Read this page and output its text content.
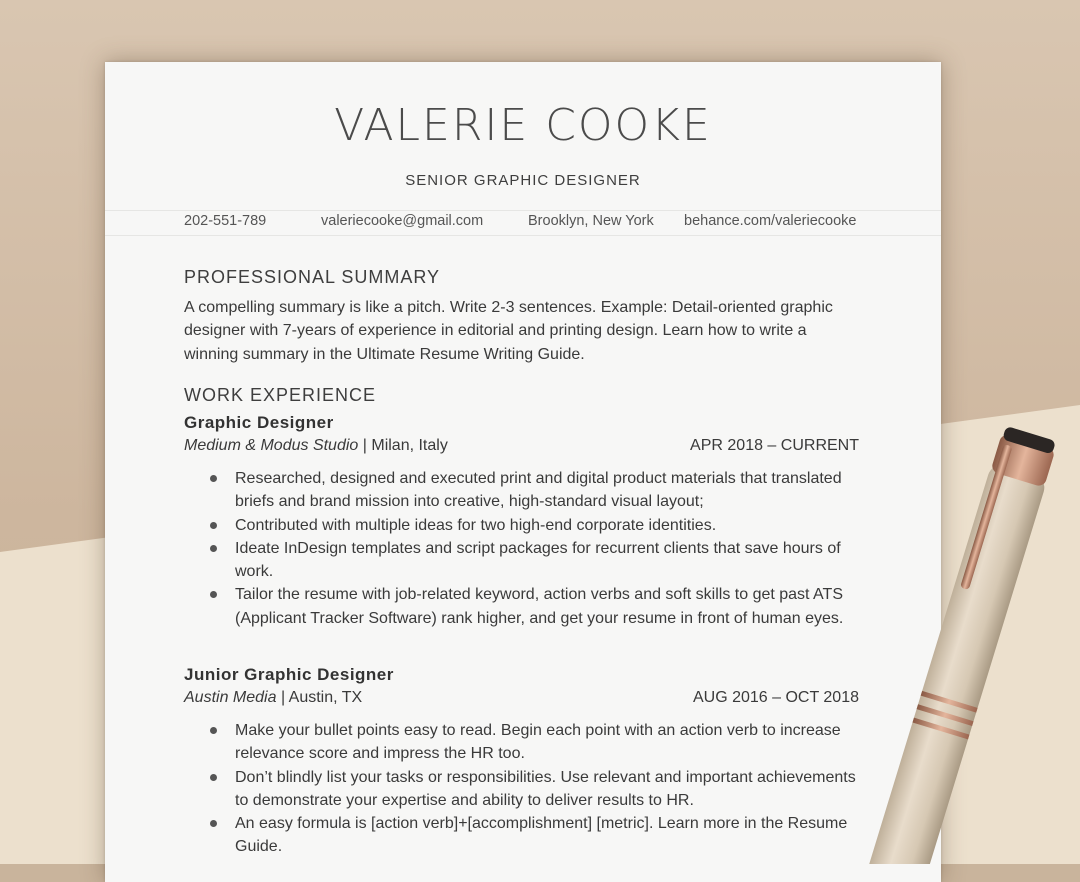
VALERIE COOKE
SENIOR GRAPHIC DESIGNER
202-551-789	valeriecooke@gmail.com	Brooklyn, New York behance.com/valeriecooke
PROFESSIONAL SUMMARY

A compelling summary is like a pitch. Write 2-3 sentences. Example: Detail-oriented graphic designer with 7-years of experience in editorial and printing design. Learn how to write a winning summary in the Ultimate Resume Writing Guide.

WORK EXPERIENCE
Graphic Designer
Medium & Modus Studio | Milan, Italy	APR 2018 – CURRENT
Researched, designed and executed print and digital product materials that translated briefs and brand mission into creative, high-standard visual layout;
Contributed with multiple ideas for two high-end corporate identities.
Ideate InDesign templates and script packages for recurrent clients that save hours of work.
Tailor the resume with job-related keyword, action verbs and soft skills to get past ATS (Applicant Tracker Software) rank higher, and get your resume in front of human eyes.
Junior Graphic Designer
Austin Media | Austin, TX	AUG 2016 – OCT 2018
Make your bullet points easy to read. Begin each point with an action verb to increase relevance score and impress the HR too.
Don’t blindly list your tasks or responsibilities. Use relevant and important achievements to demonstrate your expertise and ability to deliver results to HR.
An easy formula is [action verb]+[accomplishment] [metric]. Learn more in the Resume Guide.
